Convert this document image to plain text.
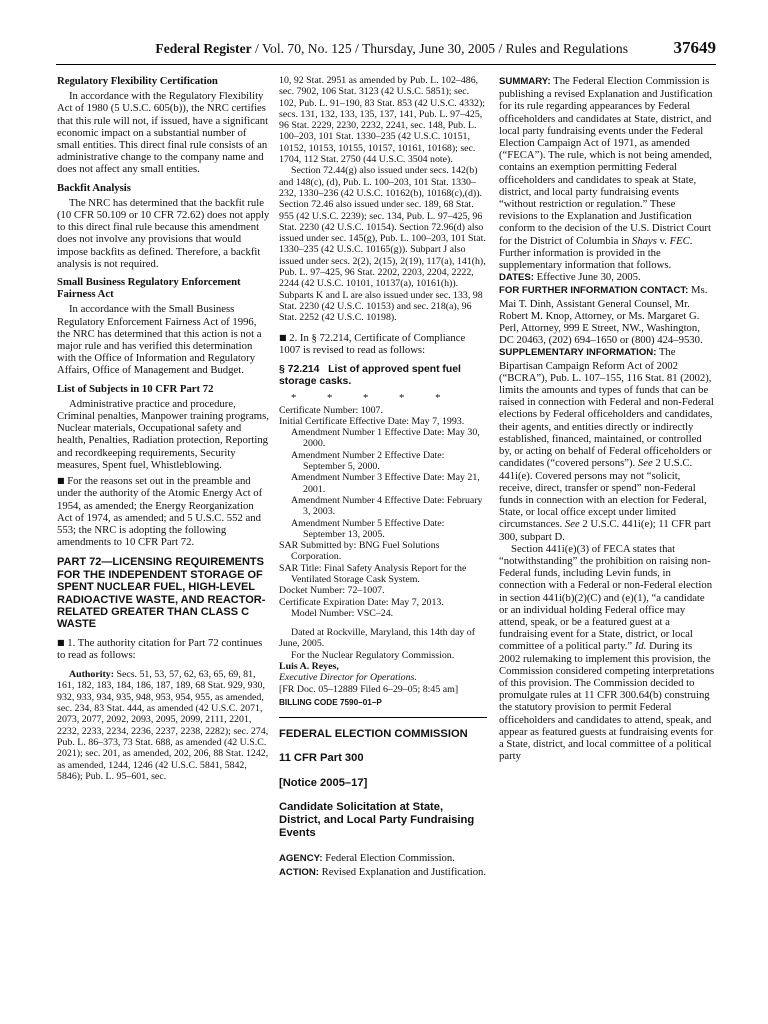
Federal Register / Vol. 70, No. 125 / Thursday, June 30, 2005 / Rules and Regulations	37649

Regulatory Flexibility Certification

In accordance with the Regulatory Flexibility Act of 1980 (5 U.S.C. 605(b)), the NRC certifies that this rule will not, if issued, have a significant economic impact on a substantial number of small entities. This direct final rule consists of an administrative change to the company name and does not affect any small entities.

Backfit Analysis

The NRC has determined that the backfit rule (10 CFR 50.109 or 10 CFR 72.62) does not apply to this direct final rule because this amendment does not involve any provisions that would impose backfits as defined. Therefore, a backfit analysis is not required.

Small Business Regulatory Enforcement Fairness Act

In accordance with the Small Business Regulatory Enforcement Fairness Act of 1996, the NRC has determined that this action is not a major rule and has verified this determination with the Office of Information and Regulatory Affairs, Office of Management and Budget.

List of Subjects in 10 CFR Part 72

Administrative practice and procedure, Criminal penalties, Manpower training programs, Nuclear materials, Occupational safety and health, Penalties, Radiation protection, Reporting and recordkeeping requirements, Security measures, Spent fuel, Whistleblowing.

■ For the reasons set out in the preamble and under the authority of the Atomic Energy Act of 1954, as amended; the Energy Reorganization Act of 1974, as amended; and 5 U.S.C. 552 and 553; the NRC is adopting the following amendments to 10 CFR Part 72.

PART 72—LICENSING REQUIREMENTS FOR THE INDEPENDENT STORAGE OF SPENT NUCLEAR FUEL, HIGH-LEVEL RADIOACTIVE WASTE, AND REACTOR-RELATED GREATER THAN CLASS C WASTE

■ 1. The authority citation for Part 72 continues to read as follows:

Authority: Secs. 51, 53, 57, 62, 63, 65, 69, 81, 161, 182, 183, 184, 186, 187, 189, 68 Stat. 929, 930, 932, 933, 934, 935, 948, 953, 954, 955, as amended, sec. 234, 83 Stat. 444, as amended (42 U.S.C. 2071, 2073, 2077, 2092, 2093, 2095, 2099, 2111, 2201, 2232, 2233, 2234, 2236, 2237, 2238, 2282); sec. 274, Pub. L. 86–373, 73 Stat. 688, as amended (42 U.S.C. 2021); sec. 201, as amended, 202, 206, 88 Stat. 1242, as amended, 1244, 1246 (42 U.S.C. 5841, 5842, 5846); Pub. L. 95–601, sec.

10, 92 Stat. 2951 as amended by Pub. L. 102–486, sec. 7902, 106 Stat. 3123 (42 U.S.C. 5851); sec. 102, Pub. L. 91–190, 83 Stat. 853 (42 U.S.C. 4332); secs. 131, 132, 133, 135, 137, 141, Pub. L. 97–425, 96 Stat. 2229, 2230, 2232, 2241, sec. 148, Pub. L. 100–203, 101 Stat. 1330–235 (42 U.S.C. 10151, 10152, 10153, 10155, 10157, 10161, 10168); sec. 1704, 112 Stat. 2750 (44 U.S.C. 3504 note).

Section 72.44(g) also issued under secs. 142(b) and 148(c), (d), Pub. L. 100–203, 101 Stat. 1330–232, 1330–236 (42 U.S.C. 10162(b), 10168(c),(d)). Section 72.46 also issued under sec. 189, 68 Stat. 955 (42 U.S.C. 2239); sec. 134, Pub. L. 97–425, 96 Stat. 2230 (42 U.S.C. 10154). Section 72.96(d) also issued under sec. 145(g), Pub. L. 100–203, 101 Stat. 1330–235 (42 U.S.C. 10165(g)). Subpart J also issued under secs. 2(2), 2(15), 2(19), 117(a), 141(h), Pub. L. 97–425, 96 Stat. 2202, 2203, 2204, 2222, 2244 (42 U.S.C. 10101, 10137(a), 10161(h)). Subparts K and L are also issued under sec. 133, 98 Stat. 2230 (42 U.S.C. 10153) and sec. 218(a), 96 Stat. 2252 (42 U.S.C. 10198).

■ 2. In § 72.214, Certificate of Compliance 1007 is revised to read as follows:

§ 72.214 List of approved spent fuel storage casks.

* * * * *

Certificate Number: 1007.

Initial Certificate Effective Date: May 7, 1993.

Amendment Number 1 Effective Date: May 30, 2000.

Amendment Number 2 Effective Date: September 5, 2000.

Amendment Number 3 Effective Date: May 21, 2001.

Amendment Number 4 Effective Date: February 3, 2003.

Amendment Number 5 Effective Date: September 13, 2005.

SAR Submitted by: BNG Fuel Solutions Corporation.

SAR Title: Final Safety Analysis Report for the Ventilated Storage Cask System.

Docket Number: 72–1007.

Certificate Expiration Date: May 7, 2013.

Model Number: VSC–24.

Dated at Rockville, Maryland, this 14th day of June, 2005.

For the Nuclear Regulatory Commission.

Luis A. Reyes,

Executive Director for Operations.

[FR Doc. 05–12889 Filed 6–29–05; 8:45 am]

BILLING CODE 7590–01–P

FEDERAL ELECTION COMMISSION

11 CFR Part 300

[Notice 2005–17]

Candidate Solicitation at State, District, and Local Party Fundraising Events

AGENCY: Federal Election Commission.

ACTION: Revised Explanation and Justification.

SUMMARY: The Federal Election Commission is publishing a revised Explanation and Justification for its rule regarding appearances by Federal officeholders and candidates at State, district, and local party fundraising events under the Federal Election Campaign Act of 1971, as amended (“FECA”). The rule, which is not being amended, contains an exemption permitting Federal officeholders and candidates to speak at State, district, and local party fundraising events “without restriction or regulation.” These revisions to the Explanation and Justification conform to the decision of the U.S. District Court for the District of Columbia in Shays v. FEC. Further information is provided in the supplementary information that follows.

DATES: Effective June 30, 2005.

FOR FURTHER INFORMATION CONTACT: Ms. Mai T. Dinh, Assistant General Counsel, Mr. Robert M. Knop, Attorney, or Ms. Margaret G. Perl, Attorney, 999 E Street, NW., Washington, DC 20463, (202) 694–1650 or (800) 424–9530.

SUPPLEMENTARY INFORMATION: The Bipartisan Campaign Reform Act of 2002 (“BCRA”), Pub. L. 107–155, 116 Stat. 81 (2002), limits the amounts and types of funds that can be raised in connection with Federal and non-Federal elections by Federal officeholders and candidates, their agents, and entities directly or indirectly established, financed, maintained, or controlled by, or acting on behalf of Federal officeholders or candidates (“covered persons”). See 2 U.S.C. 441i(e). Covered persons may not “solicit, receive, direct, transfer or spend” non-Federal funds in connection with an election for Federal, State, or local office except under limited circumstances. See 2 U.S.C. 441i(e); 11 CFR part 300, subpart D.

Section 441i(e)(3) of FECA states that “notwithstanding” the prohibition on raising non-Federal funds, including Levin funds, in connection with a Federal or non-Federal election in section 441i(b)(2)(C) and (e)(1), “a candidate or an individual holding Federal office may attend, speak, or be a featured guest at a fundraising event for a State, district, or local committee of a political party.” Id. During its 2002 rulemaking to implement this provision, the Commission considered competing interpretations of this provision. The Commission decided to promulgate rules at 11 CFR 300.64(b) construing the statutory provision to permit Federal officeholders and candidates to attend, speak, and appear as featured guests at fundraising events for a State, district, and local committee of a political party
